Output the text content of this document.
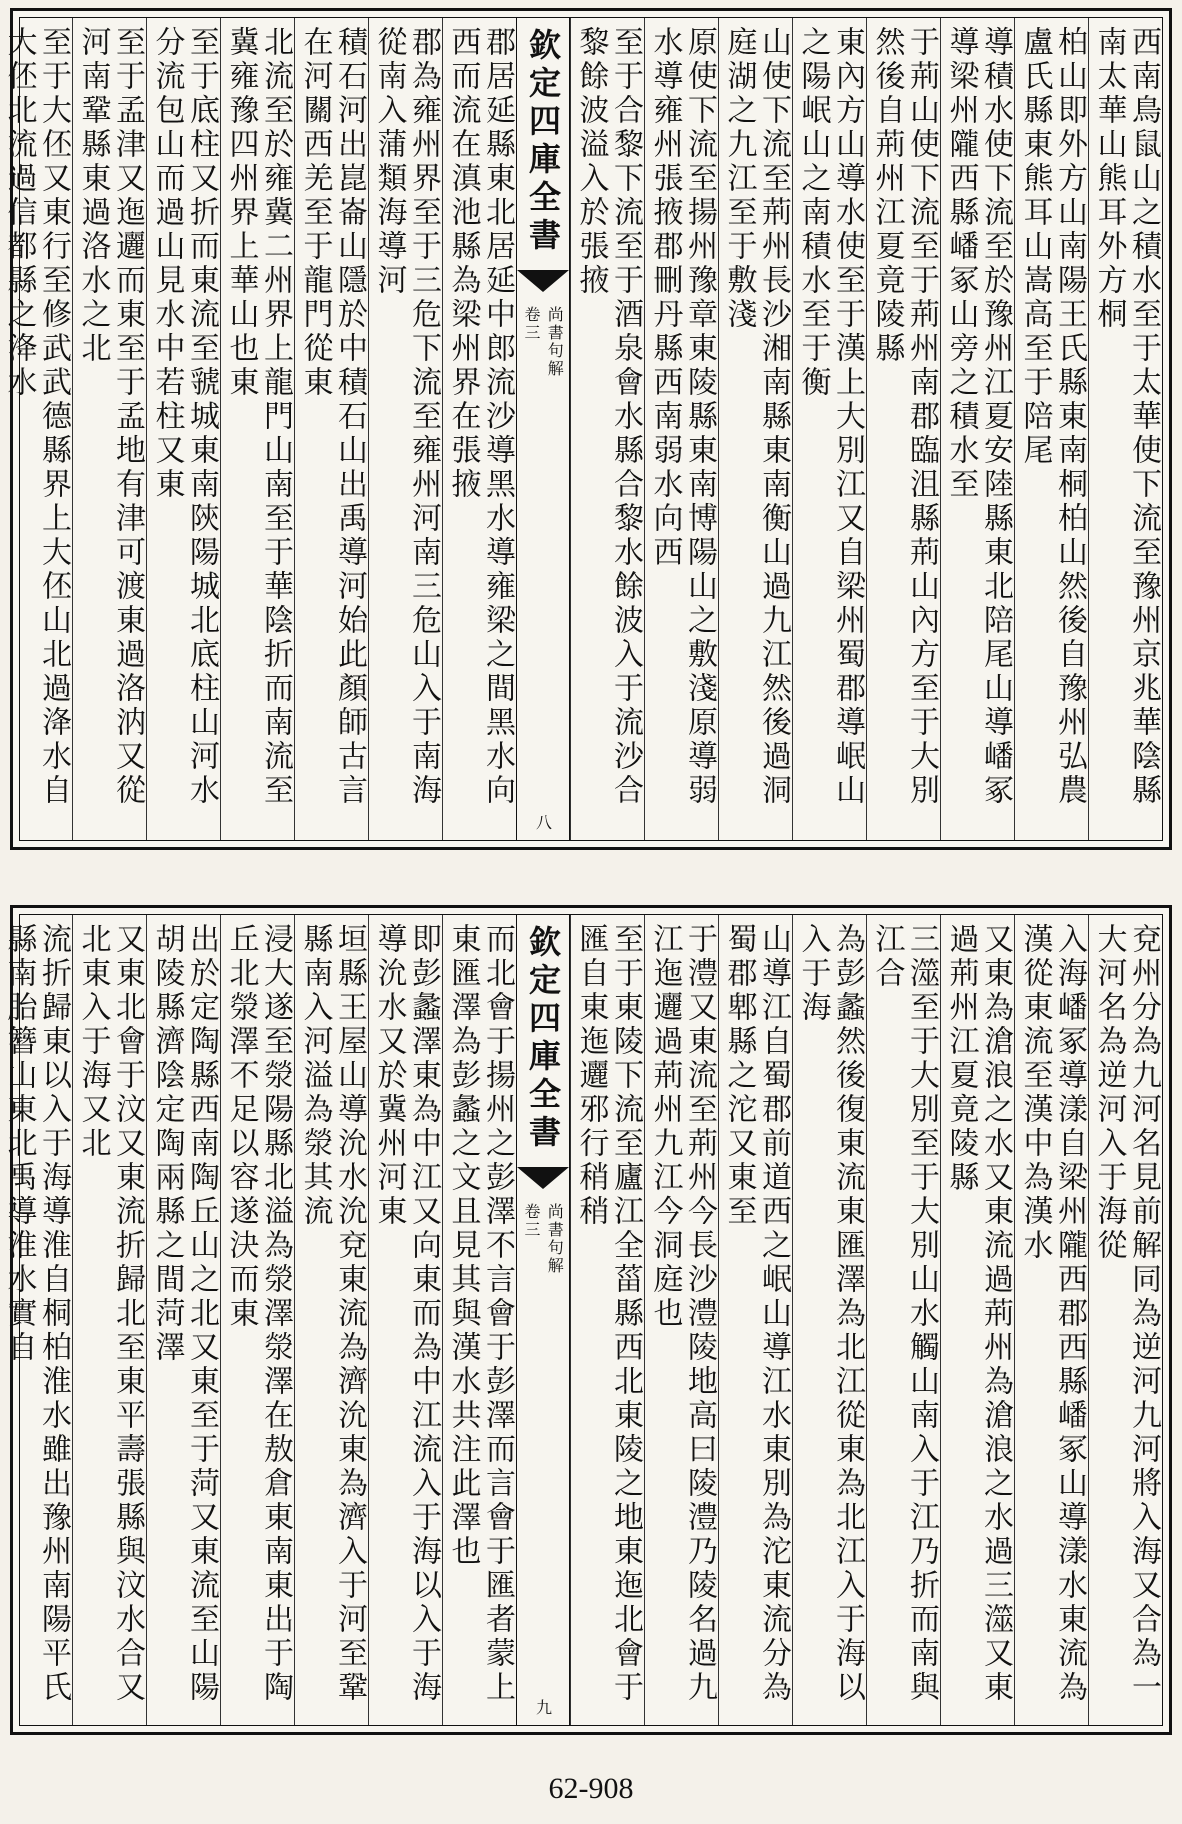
西南鳥鼠山之積水至于太華使下流至豫州京兆華陰縣南太華山熊耳外方桐
柏山即外方山南陽王氏縣東南桐柏山然後自豫州弘農盧氏縣東熊耳山嵩高至于陪尾
導積水使下流至於豫州江夏安陸縣東北陪尾山導嶓冢導梁州隴西縣嶓冢山旁之積水至
于荊山使下流至于荊州南郡臨沮縣荊山內方至于大別然後自荊州江夏竟陵縣
東內方山導水使至于漢上大別江又自梁州蜀郡導岷山之陽岷山之南積水至于衡
山使下流至荊州長沙湘南縣東南衡山過九江然後過洞庭湖之九江至于敷淺
原使下流至揚州豫章東陵縣東南博陽山之敷淺原導弱水導雍州張掖郡刪丹縣西南弱水向西
至于合黎下流至于酒泉會水縣合黎水餘波入于流沙合黎餘波溢入於張掖
欽定四庫全書
尚書句解
卷三
八
郡居延縣東北居延中郎流沙導黑水導雍梁之間黑水向西而流在滇池縣為梁州界在張掖
郡為雍州界至于三危下流至雍州河南三危山入于南海從南入蒲類海導河
積石河出崑崙山隱於中積石山出禹導河始此顏師古言在河關西羌至于龍門從東
北流至於雍冀二州界上龍門山南至于華陰折而南流至冀雍豫四州界上華山也東
至于底柱又折而東流至虢城東南陝陽城北底柱山河水分流包山而過山見水中若柱又東
至于孟津又迤邐而東至于孟地有津可渡東過洛汭又從河南鞏縣東過洛水之北
至于大伾又東行至修武武德縣界上大伾山北過洚水自大伾北流過信都縣之洚水
兗州分為九河名見前解同為逆河九河將入海又合為一大河名為逆河入于海從
入海嶓冢導漾自梁州隴西郡西縣嶓冢山導漾水東流為漢從東流至漢中為漢水
又東為滄浪之水又東流過荊州為滄浪之水過三澨又東過荊州江夏竟陵縣
三澨至于大別至于大別山水觸山南入于江乃折而南與江合
為彭蠡然後復東流東匯澤為北江從東為北江入于海以入于海
山導江自蜀郡前道西之岷山導江水東別為沱東流分為蜀郡郫縣之沱又東至
于澧又東流至荊州今長沙澧陵地高曰陵澧乃陵名過九江迤邐過荊州九江今洞庭也
至于東陵下流至廬江全菑縣西北東陵之地東迤北會于匯自東迤邐邪行稍稍
欽定四庫全書
尚書句解
卷三
九
而北會于揚州之彭澤不言會于彭澤而言會于匯者蒙上東匯澤為彭蠡之文且見其與漢水共注此澤也
即彭蠡澤東為中江又向東而為中江流入于海以入于海導沇水又於冀州河東
垣縣王屋山導沇水沇兗東流為濟沇東為濟入于河至鞏縣南入河溢為滎其流
浸大遂至滎陽縣北溢為滎澤滎澤在敖倉東南東出于陶丘北滎澤不足以容遂決而東
出於定陶縣西南陶丘山之北又東至于菏又東流至山陽胡陵縣濟陰定陶兩縣之間菏澤
又東北會于汶又東流折歸北至東平壽張縣與汶水合又北東入于海又北
流折歸東以入于海導淮自桐柏淮水雖出豫州南陽平氏縣南胎簪山東北禹導淮水實自
62-908
